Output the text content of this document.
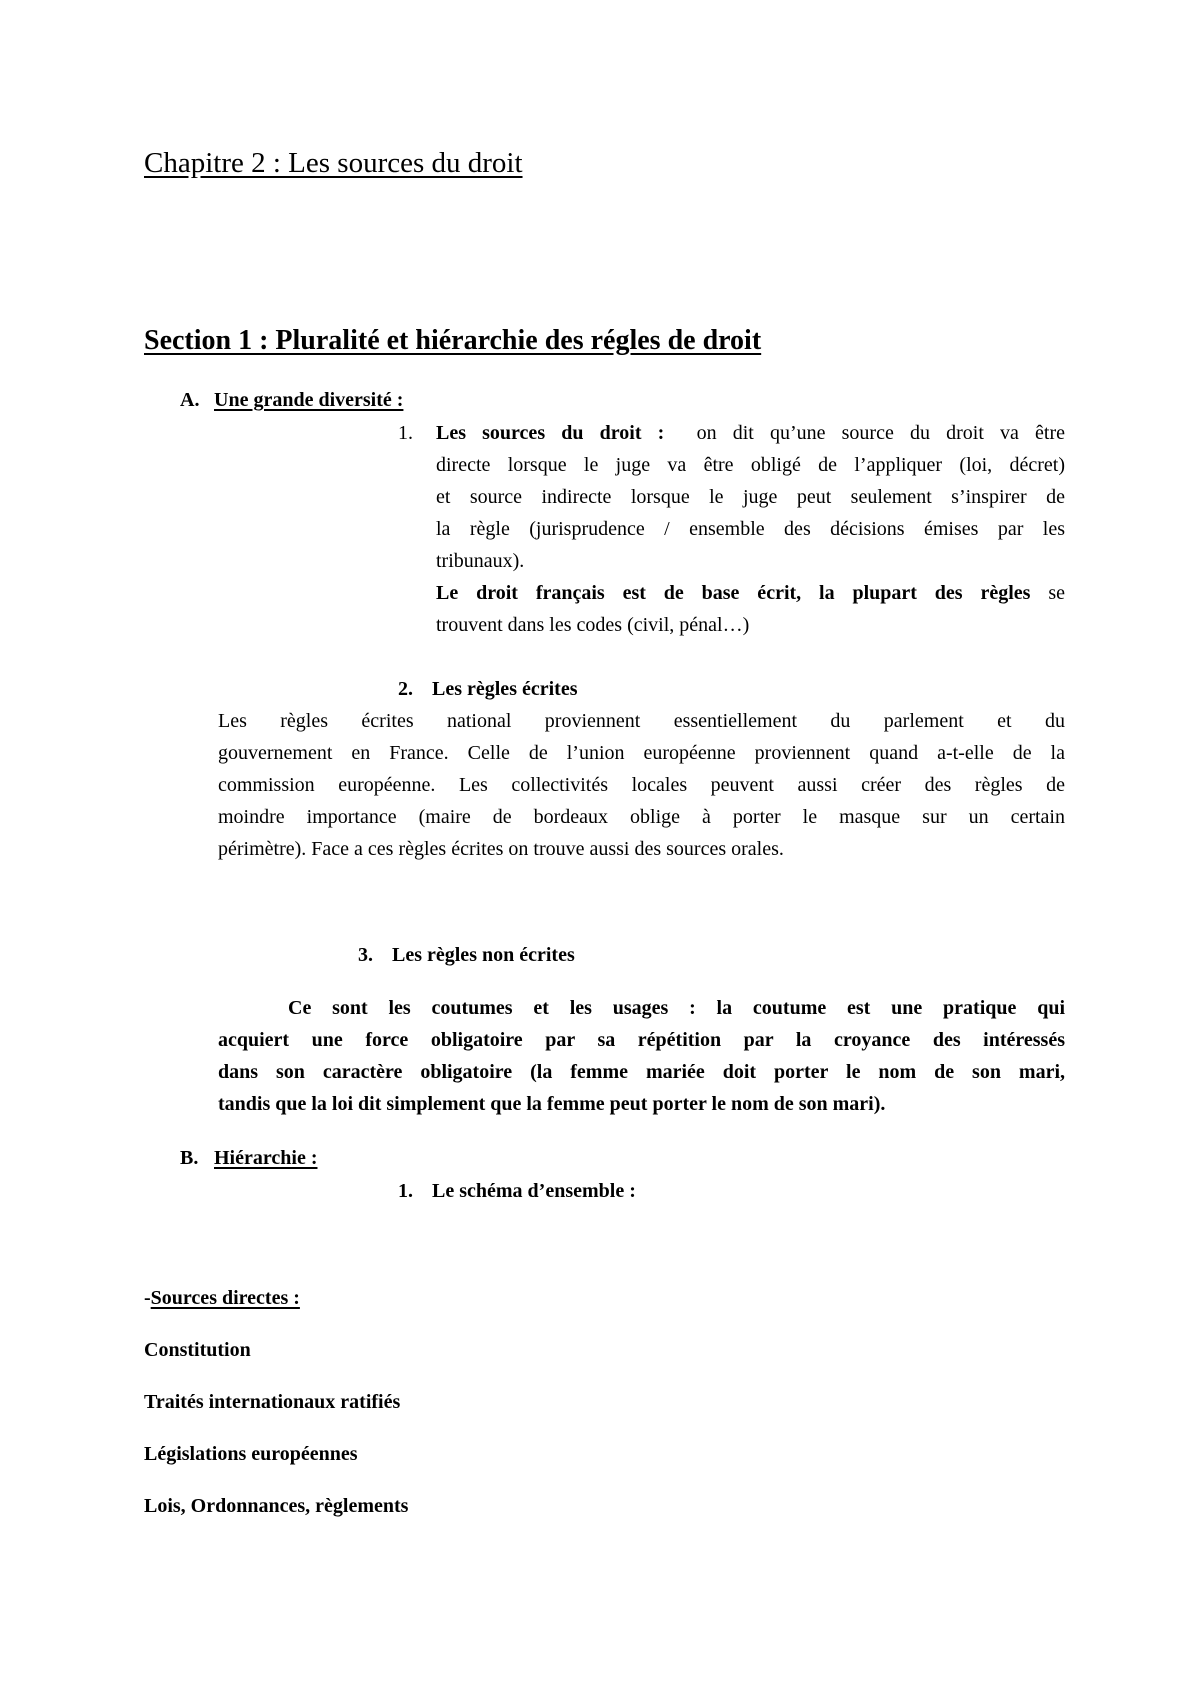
Chapitre 2 : Les sources du droit
Section 1 : Pluralité et hiérarchie des régles de droit
A. Une grande diversité :
1. Les sources du droit : on dit qu’une source du droit va être
directe lorsque le juge va être obligé de l’appliquer (loi, décret)
et source indirecte lorsque le juge peut seulement s’inspirer de
la règle (jurisprudence / ensemble des décisions émises par les
tribunaux).
Le droit français est de base écrit, la plupart des règles se
trouvent dans les codes (civil, pénal…)
2. Les règles écrites
Les règles écrites national proviennent essentiellement du parlement et du
gouvernement en France. Celle de l’union européenne proviennent quand a-t-elle de la
commission européenne. Les collectivités locales peuvent aussi créer des règles de
moindre importance (maire de bordeaux oblige à porter le masque sur un certain
périmètre). Face a ces règles écrites on trouve aussi des sources orales.
3. Les règles non écrites
Ce sont les coutumes et les usages : la coutume est une pratique qui
acquiert une force obligatoire par sa répétition par la croyance des intéressés
dans son caractère obligatoire (la femme mariée doit porter le nom de son mari,
tandis que la loi dit simplement que la femme peut porter le nom de son mari).
B. Hiérarchie :
1. Le schéma d’ensemble :
-Sources directes :
Constitution
Traités internationaux ratifiés
Législations européennes
Lois, Ordonnances, règlements
